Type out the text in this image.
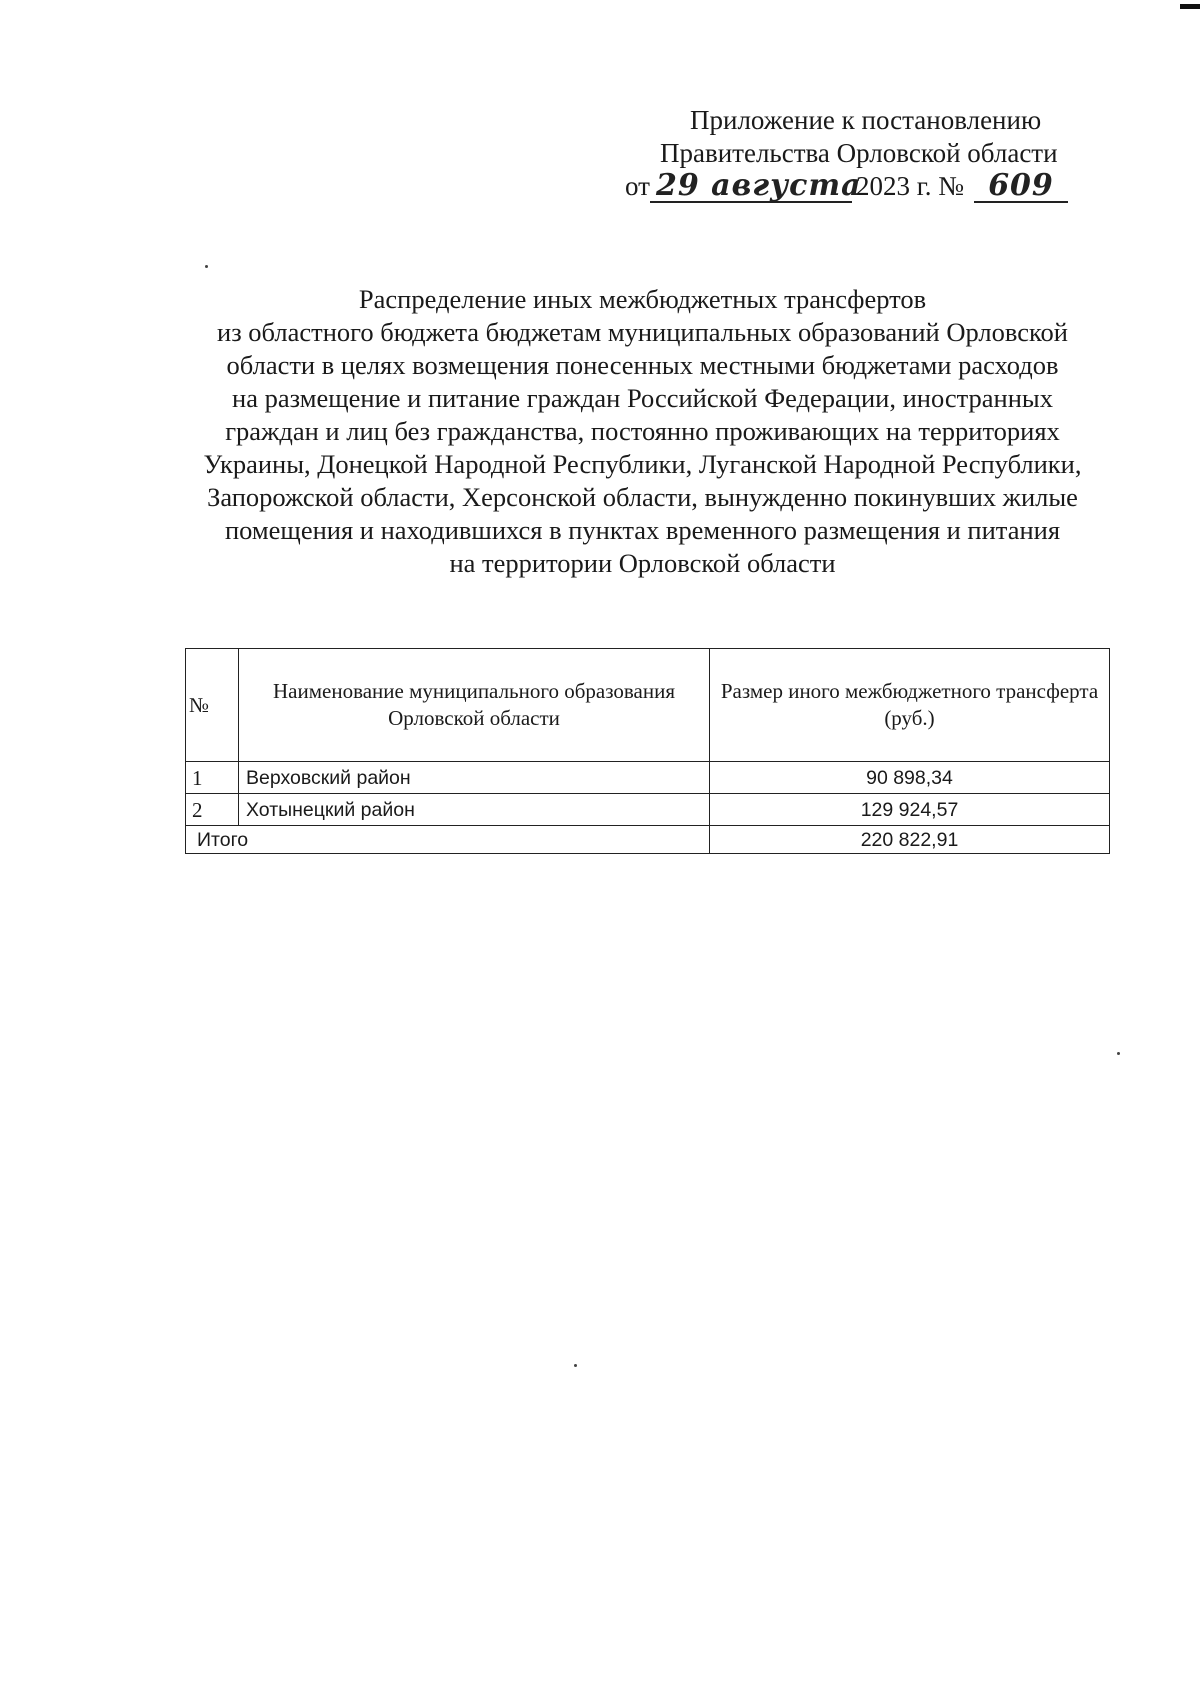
Приложение к постановлению
Правительства Орловской области
от 29 августа
2023 г. № 609
Распределение иных межбюджетных трансфертов
из областного бюджета бюджетам муниципальных образований Орловской
области в целях возмещения понесенных местными бюджетами расходов
на размещение и питание граждан Российской Федерации, иностранных
граждан и лиц без гражданства, постоянно проживающих на территориях
Украины, Донецкой Народной Республики, Луганской Народной Республики,
Запорожской области, Херсонской области, вынужденно покинувших жилые
помещения и находившихся в пунктах временного размещения и питания
на территории Орловской области
№	Наименование муниципального образования Орловской области	Размер иного межбюджетного трансферта (руб.)
1	Верховский район	90 898,34
2	Хотынецкий район	129 924,57
Итого		220 822,91
